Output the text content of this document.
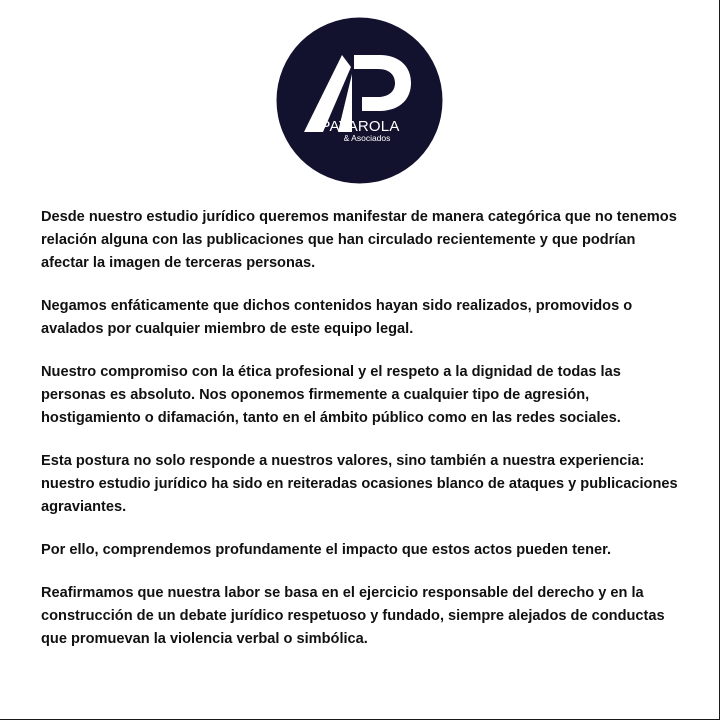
PAYAROLA
& Asociados

Desde nuestro estudio jurídico queremos manifestar de manera categórica que no tenemos
relación alguna con las publicaciones que han circulado recientemente y que podrían
afectar la imagen de terceras personas.

Negamos enfáticamente que dichos contenidos hayan sido realizados, promovidos o
avalados por cualquier miembro de este equipo legal.

Nuestro compromiso con la ética profesional y el respeto a la dignidad de todas las
personas es absoluto. Nos oponemos firmemente a cualquier tipo de agresión,
hostigamiento o difamación, tanto en el ámbito público como en las redes sociales.

Esta postura no solo responde a nuestros valores, sino también a nuestra experiencia:
nuestro estudio jurídico ha sido en reiteradas ocasiones blanco de ataques y publicaciones
agraviantes.

Por ello, comprendemos profundamente el impacto que estos actos pueden tener.

Reafirmamos que nuestra labor se basa en el ejercicio responsable del derecho y en la
construcción de un debate jurídico respetuoso y fundado, siempre alejados de conductas
que promuevan la violencia verbal o simbólica.
